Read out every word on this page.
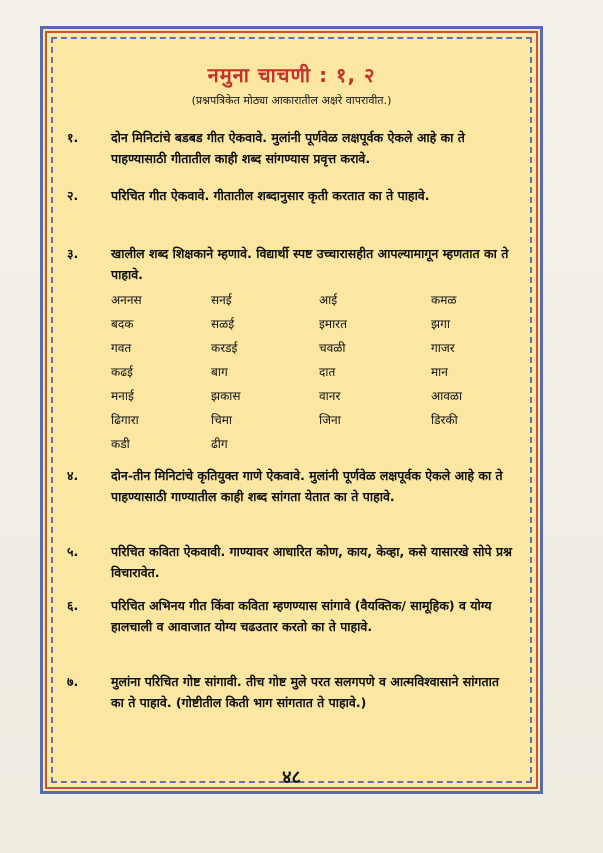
नमुना चाचणी : १, २
(प्रश्नपत्रिकेत मोठ्या आकारातील अक्षरे वापरावीत.)
१.	दोन मिनिटांचे बडबड गीत ऐकवावे. मुलांनी पूर्णवेळ लक्षपूर्वक ऐकले आहे का ते पाहण्यासाठी गीतातील काही शब्द सांगण्यास प्रवृत्त करावे.
२.	परिचित गीत ऐकवावे. गीतातील शब्दानुसार कृती करतात का ते पाहावे.
३.	खालील शब्द शिक्षकाने म्हणावे. विद्यार्थी स्पष्ट उच्चारासहीत आपल्यामागून म्हणतात का ते पाहावे.
अननस	सनई	आई	कमळ
बदक	सळई	इमारत	झगा
गवत	करडई	चवळी	गाजर
कढई	बाग	दात	मान
मनाई	झकास	वानर	आवळा
ढिगारा	चिमा	जिना	डिरकी
कडी	ढीग
४.	दोन-तीन मिनिटांचे कृतियुक्त गाणे ऐकवावे. मुलांनी पूर्णवेळ लक्षपूर्वक ऐकले आहे का ते पाहण्यासाठी गाण्यातील काही शब्द सांगता येतात का ते पाहावे.
५.	परिचित कविता ऐकवावी. गाण्यावर आधारित कोण, काय, केव्हा, कसे यासारखे सोपे प्रश्न विचारावेत.
६.	परिचित अभिनय गीत किंवा कविता म्हणण्यास सांगावे (वैयक्तिक/ सामूहिक) व योग्य हालचाली व आवाजात योग्य चढउतार करतो का ते पाहावे.
७.	मुलांना परिचित गोष्ट सांगावी. तीच गोष्ट मुले परत सलगपणे व आत्मविश्वासाने सांगतात का ते पाहावे. (गोष्टीतील किती भाग सांगतात ते पाहावे.)
४८
